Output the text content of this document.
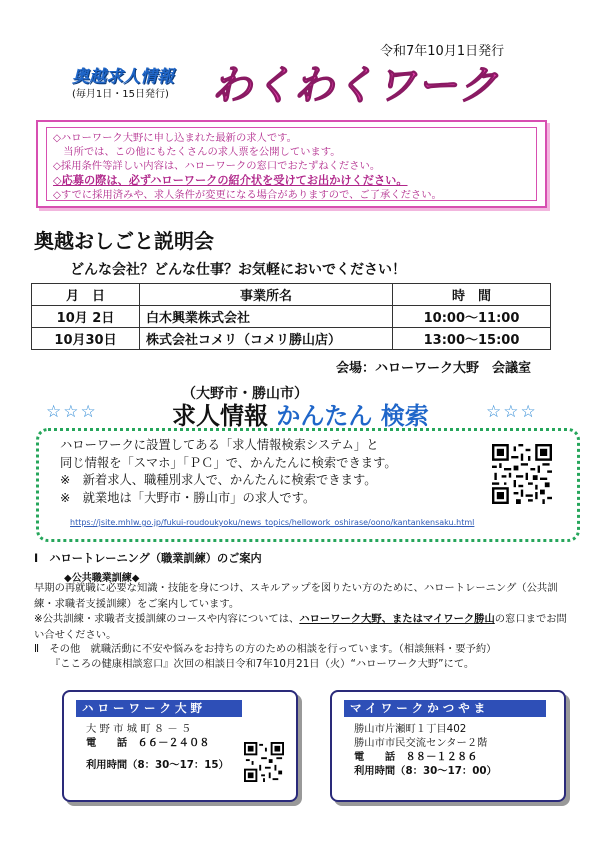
令和7年10月1日発行
奥越求人情報
(毎月1日・15日発行) わくわくワーク
◇ハローワーク大野に申し込まれた最新の求人です。
　当所では、この他にもたくさんの求人票を公開しています。
◇採用条件等詳しい内容は、ハローワークの窓口でおたずねください。
◇応募の際は、必ずハローワークの紹介状を受けてお出かけください。
◇すでに採用済みや、求人条件が変更になる場合がありますので、ご了承ください。
奥越おしごと説明会
どんな会社？どんな仕事？お気軽においでください！
月　日	事業所名	時　間
10月 2日	白木興業株式会社	10:00～11:00
10月30日	株式会社コメリ（コメリ勝山店）	13:00～15:00
会場：ハローワーク大野　会議室
☆☆☆	☆☆☆
（大野市・勝山市）
求人情報 かんたん 検索
ハローワークに設置してある「求人情報検索システム」と
同じ情報を「スマホ」「ＰＣ」で、かんたんに検索できます。
※　新着求人、職種別求人で、かんたんに検索できます。
※　就業地は「大野市・勝山市」の求人です。
https://jsite.mhlw.go.jp/fukui-roudoukyoku/news_topics/hellowork_oshirase/oono/kantankensaku.html
Ⅰ　ハロートレーニング（職業訓練）のご案内
◆公共職業訓練◆
早期の再就職に必要な知識・技能を身につけ、スキルアップを図りたい方のために、ハロートレーニング（公共訓練・求職者支援訓練）をご案内しています。
※公共訓練・求職者支援訓練のコースや内容については、ハローワーク大野、またはマイワーク勝山の窓口までお問い合せください。
Ⅱ　その他　就職活動に不安や悩みをお持ちの方のための相談を行っています。（相談無料・要予約）
『こころの健康相談窓口』次回の相談日令和7年10月21日（火）“ハローワーク大野”にて。
ハローワーク大野
大 野 市 城 町 ８ － ５
電　　話　６６－２４０８
利用時間（8：30～17：15）
マイワークかつやま
勝山市片瀬町１丁目402
勝山市市民交流センター２階
電　　話　８８－１２８６
利用時間（8：30～17：00）
